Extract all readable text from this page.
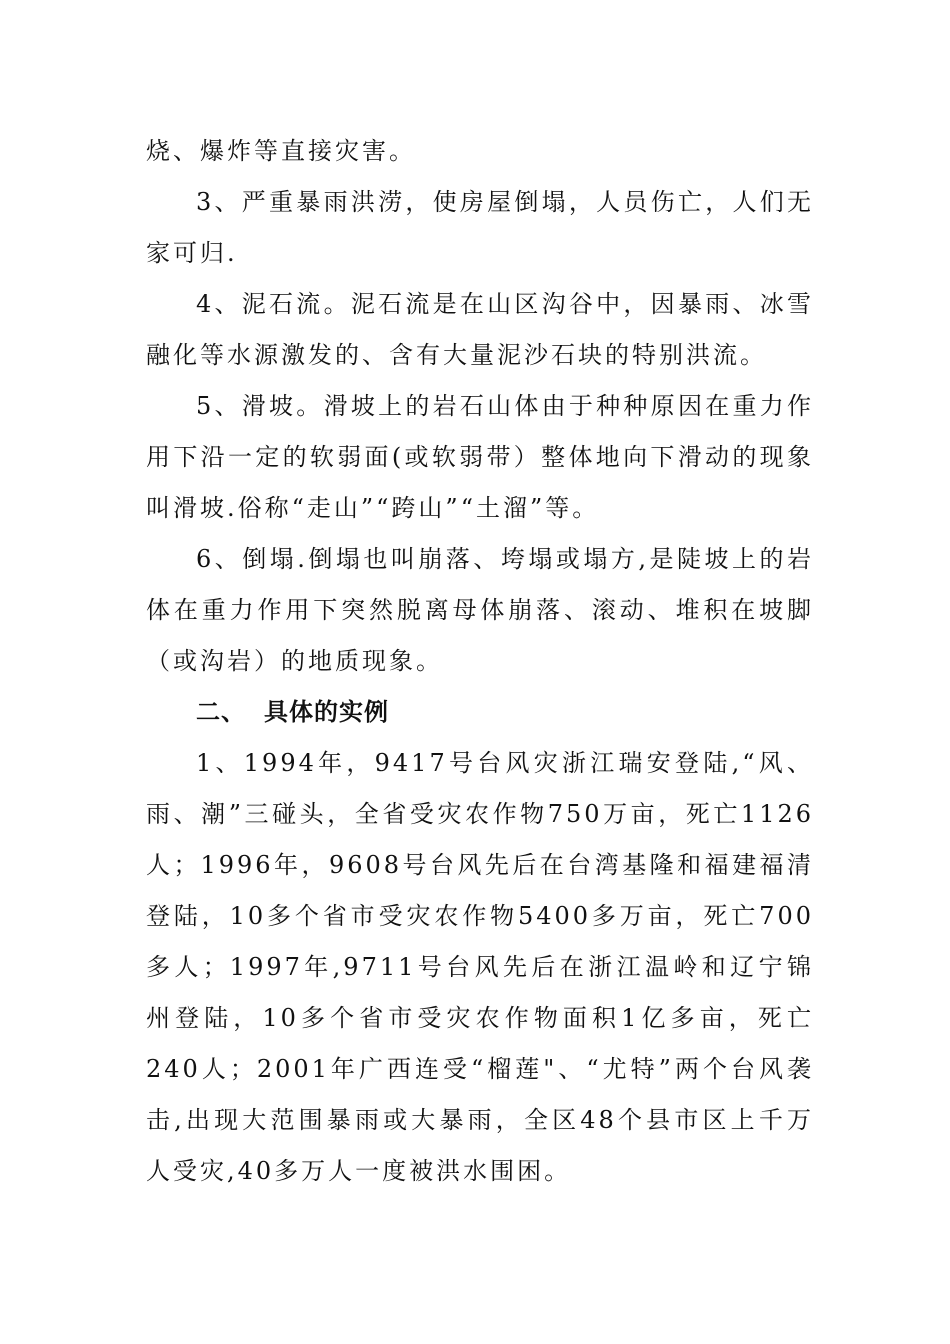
烧、爆炸等直接灾害。

3、严重暴雨洪涝，使房屋倒塌，人员伤亡，人们无家可归.

4、泥石流。泥石流是在山区沟谷中，因暴雨、冰雪融化等水源激发的、含有大量泥沙石块的特别洪流。

5、滑坡。滑坡上的岩石山体由于种种原因在重力作用下沿一定的软弱面(或软弱带）整体地向下滑动的现象叫滑坡.俗称“走山”“跨山”“土溜”等。

6、倒塌.倒塌也叫崩落、垮塌或塌方,是陡坡上的岩体在重力作用下突然脱离母体崩落、滚动、堆积在坡脚（或沟岩）的地质现象。

二、 具体的实例

1、1994年，9417号台风灾浙江瑞安登陆,“风、雨、潮”三碰头，全省受灾农作物750万亩，死亡1126人；1996年，9608号台风先后在台湾基隆和福建福清登陆，10多个省市受灾农作物5400多万亩，死亡700多人；1997年,9711号台风先后在浙江温岭和辽宁锦州登陆，10多个省市受灾农作物面积1亿多亩，死亡240人；2001年广西连受“榴莲"、“尤特”两个台风袭击,出现大范围暴雨或大暴雨，全区48个县市区上千万人受灾,40多万人一度被洪水围困。
